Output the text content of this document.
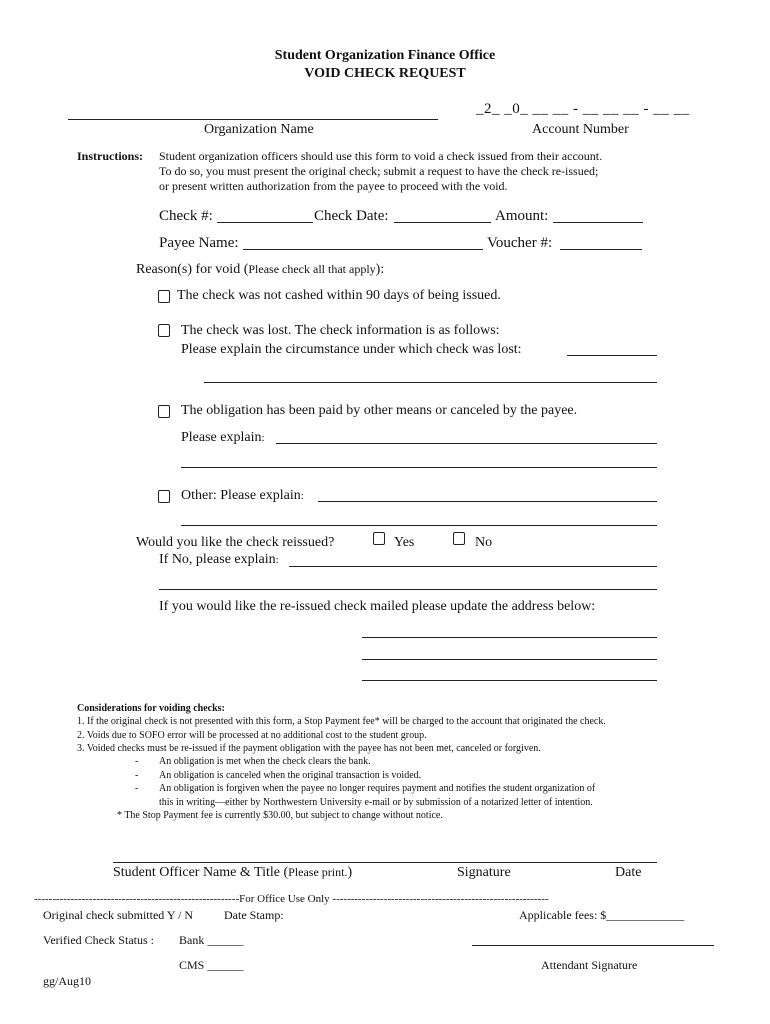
Student Organization Finance Office
VOID CHECK REQUEST
_2_ _0_ __ __ - __ __ __ - __ __
Organization Name	Account Number
Instructions: Student organization officers should use this form to void a check issued from their account.
To do so, you must present the original check; submit a request to have the check re-issued;
or present written authorization from the payee to proceed with the void.
Check #:	Check Date:	Amount:
Payee Name:	Voucher #:
Reason(s) for void (Please check all that apply):
The check was not cashed within 90 days of being issued.
The check was lost. The check information is as follows:
Please explain the circumstance under which check was lost:
The obligation has been paid by other means or canceled by the payee.
Please explain:
Other: Please explain:
Would you like the check reissued?	Yes	No
If No, please explain:
If you would like the re-issued check mailed please update the address below:
Considerations for voiding checks:
1. If the original check is not presented with this form, a Stop Payment fee* will be charged to the account that originated the check.
2. Voids due to SOFO error will be processed at no additional cost to the student group.
3. Voided checks must be re-issued if the payment obligation with the payee has not been met, canceled or forgiven.
- An obligation is met when the check clears the bank.
- An obligation is canceled when the original transaction is voided.
- An obligation is forgiven when the payee no longer requires payment and notifies the student organization of
this in writing—either by Northwestern University e-mail or by submission of a notarized letter of intention.
* The Stop Payment fee is currently $30.00, but subject to change without notice.
Student Officer Name & Title (Please print.)	Signature	Date
--------------------------------------------------------For Office Use Only -----------------------------------------------------------
Original check submitted Y / N	Date Stamp:	Applicable fees: $_____________
Verified Check Status : Bank ______
CMS ______	Attendant Signature
gg/Aug10
